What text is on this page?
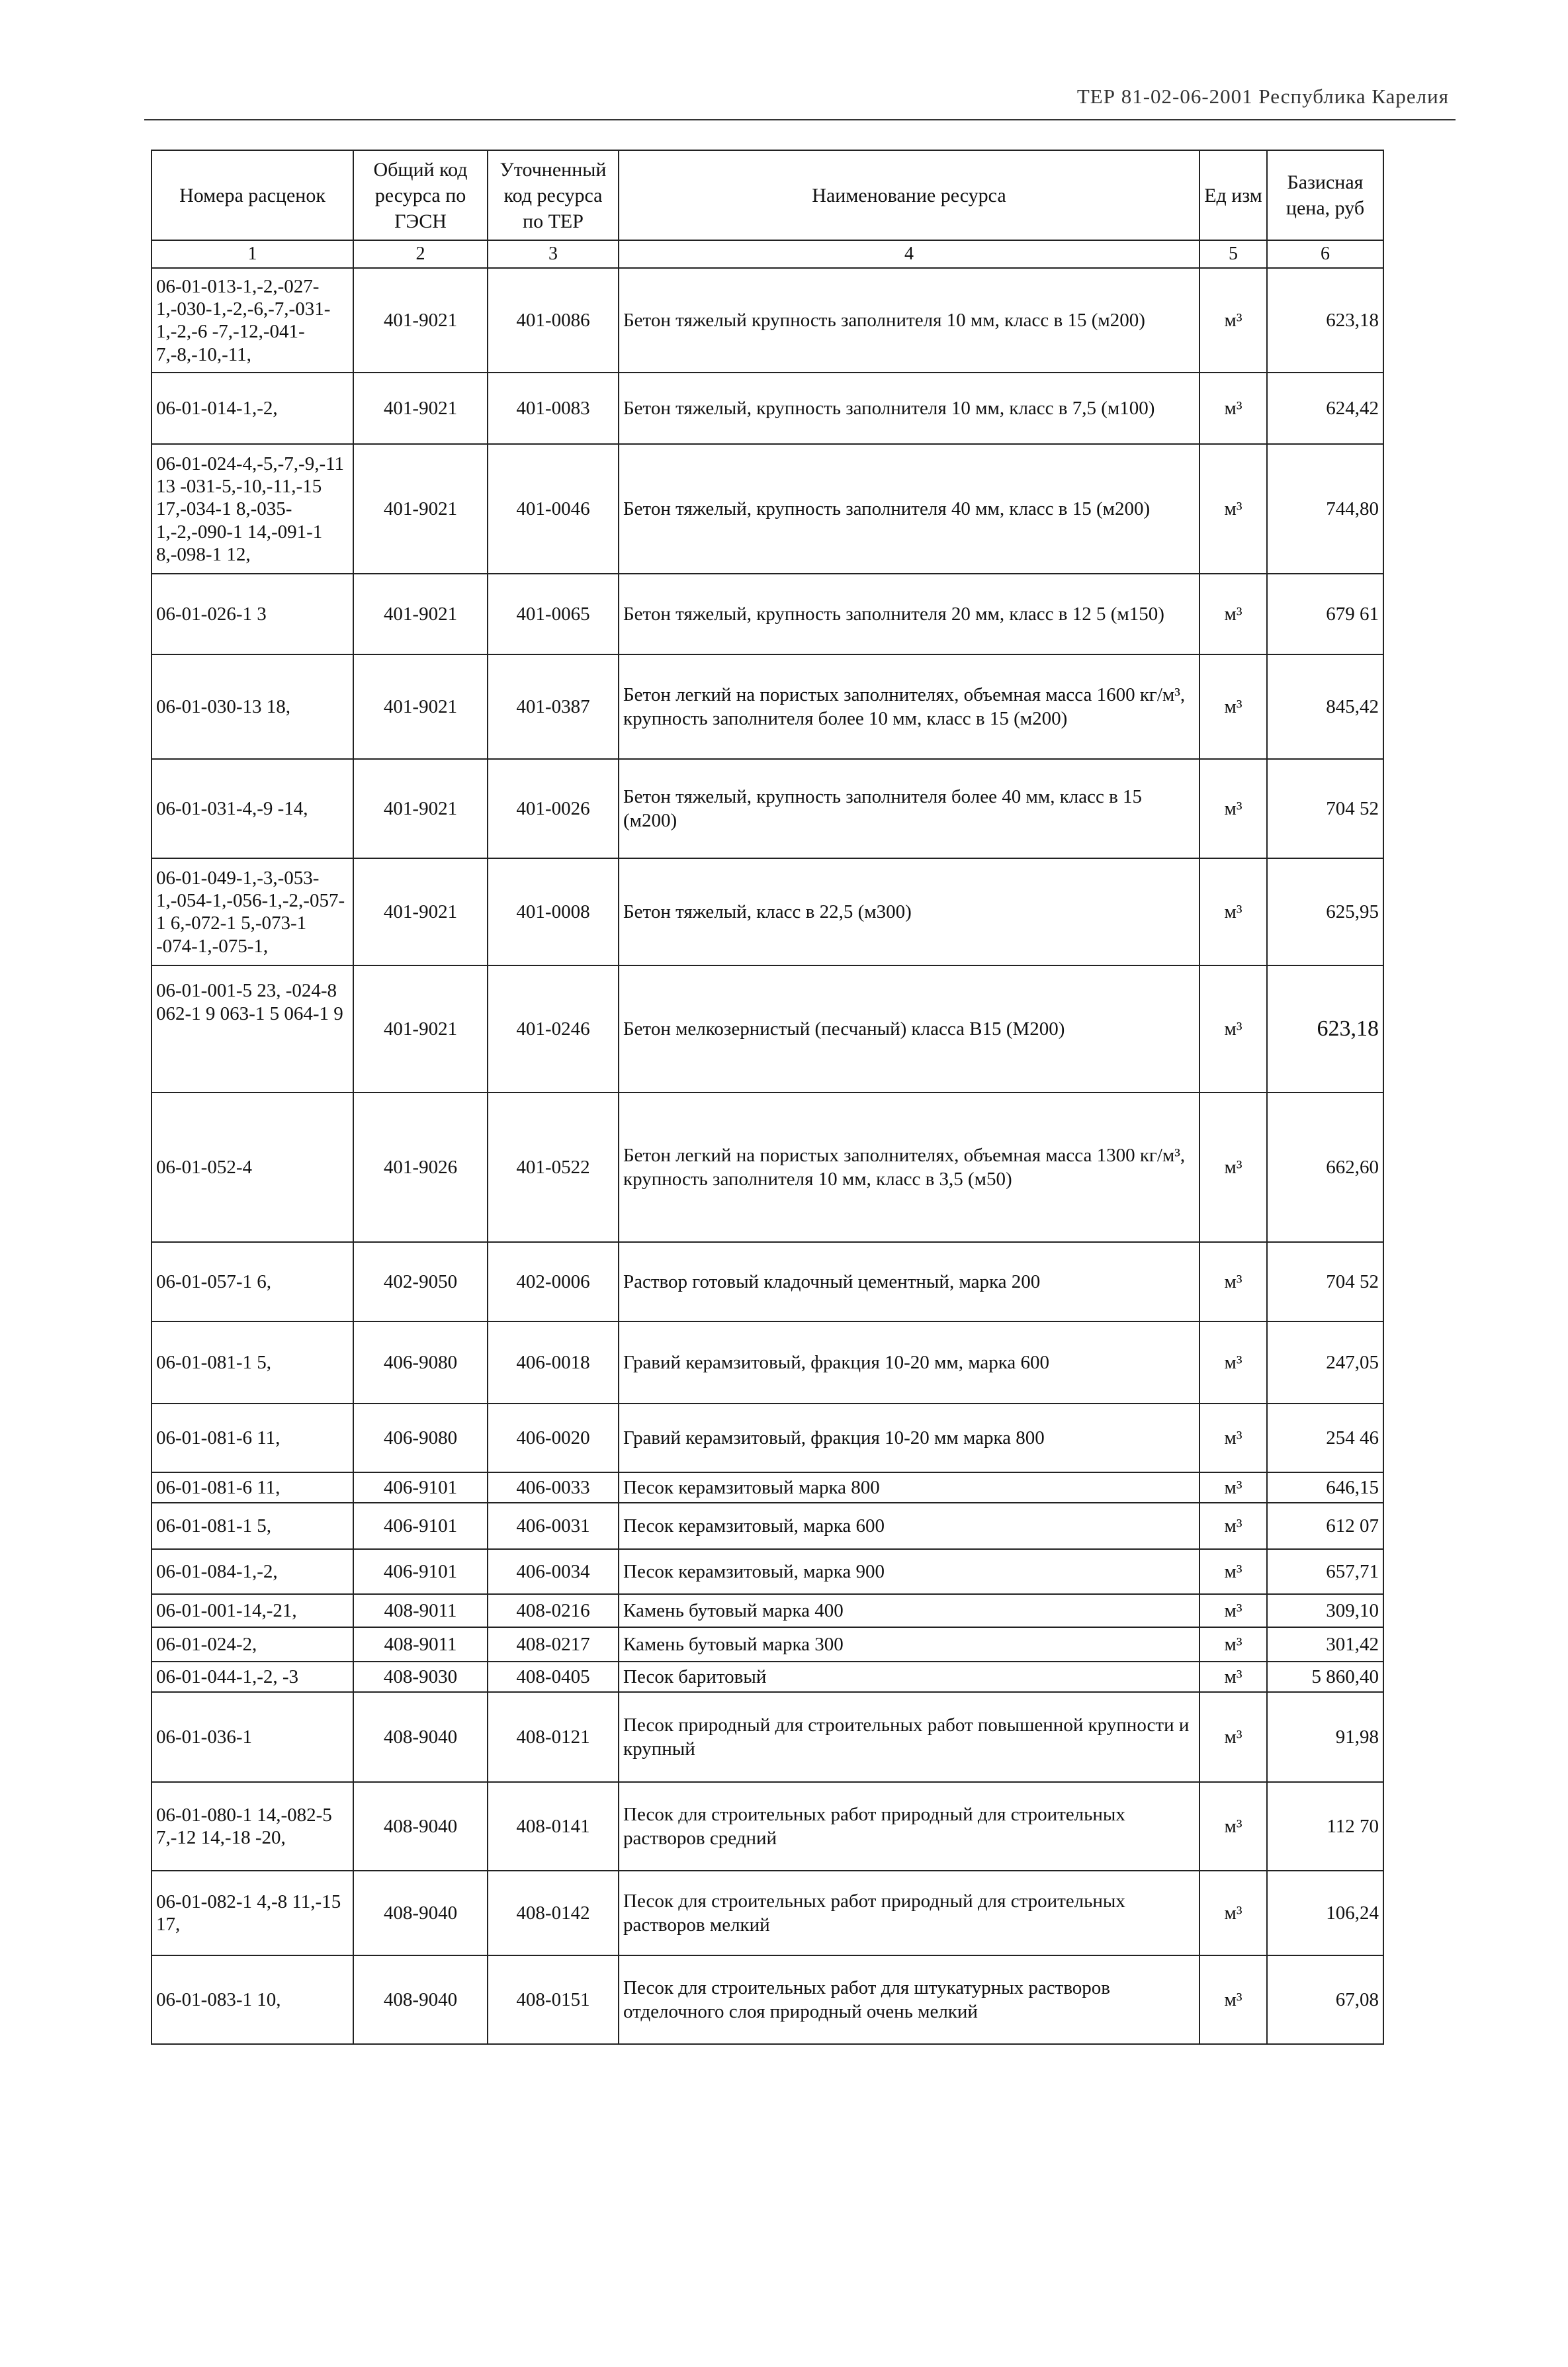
ТЕР 81-02-06-2001 Республика Карелия
Номера расценок	Общий код ресурса по ГЭСН	Уточненный код ресурса по ТЕР	Наименование ресурса	Ед изм	Базисная цена, руб
1	2	3	4	5	6
06-01-013-1,-2,-027-1,-030-1,-2,-6,-7,-031-1,-2,-6 -7,-12,-041-7,-8,-10,-11,	401-9021	401-0086	Бетон тяжелый крупность заполнителя 10 мм, класс в 15 (м200)	м³	623,18
06-01-014-1,-2,	401-9021	401-0083	Бетон тяжелый, крупность заполнителя 10 мм, класс в 7,5 (м100)	м³	624,42
06-01-024-4,-5,-7,-9,-11 13 -031-5,-10,-11,-15 17,-034-1 8,-035-1,-2,-090-1 14,-091-1 8,-098-1 12,	401-9021	401-0046	Бетон тяжелый, крупность заполнителя 40 мм, класс в 15 (м200)	м³	744,80
06-01-026-1 3	401-9021	401-0065	Бетон тяжелый, крупность заполнителя 20 мм, класс в 12 5 (м150)	м³	679 61
06-01-030-13 18,	401-9021	401-0387	Бетон легкий на пористых заполнителях, объемная масса 1600 кг/м³, крупность заполнителя более 10 мм, класс в 15 (м200)	м³	845,42
06-01-031-4,-9 -14,	401-9021	401-0026	Бетон тяжелый, крупность заполнителя более 40 мм, класс в 15 (м200)	м³	704 52
06-01-049-1,-3,-053-1,-054-1,-056-1,-2,-057-1 6,-072-1 5,-073-1 -074-1,-075-1,	401-9021	401-0008	Бетон тяжелый, класс в 22,5 (м300)	м³	625,95
06-01-001-5 23, -024-8 062-1 9 063-1 5 064-1 9	401-9021	401-0246	Бетон мелкозернистый (песчаный) класса В15 (М200)	м³	623,18
06-01-052-4	401-9026	401-0522	Бетон легкий на пористых заполнителях, объемная масса 1300 кг/м³, крупность заполнителя 10 мм, класс в 3,5 (м50)	м³	662,60
06-01-057-1 6,	402-9050	402-0006	Раствор готовый кладочный цементный, марка 200	м³	704 52
06-01-081-1 5,	406-9080	406-0018	Гравий керамзитовый, фракция 10-20 мм, марка 600	м³	247,05
06-01-081-6 11,	406-9080	406-0020	Гравий керамзитовый, фракция 10-20 мм марка 800	м³	254 46
06-01-081-6 11,	406-9101	406-0033	Песок керамзитовый марка 800	м³	646,15
06-01-081-1 5,	406-9101	406-0031	Песок керамзитовый, марка 600	м³	612 07
06-01-084-1,-2,	406-9101	406-0034	Песок керамзитовый, марка 900	м³	657,71
06-01-001-14,-21,	408-9011	408-0216	Камень бутовый марка 400	м³	309,10
06-01-024-2,	408-9011	408-0217	Камень бутовый марка 300	м³	301,42
06-01-044-1,-2, -3	408-9030	408-0405	Песок баритовый	м³	5 860,40
06-01-036-1	408-9040	408-0121	Песок природный для строительных работ повышенной крупности и крупный	м³	91,98
06-01-080-1 14,-082-5 7,-12 14,-18 -20,	408-9040	408-0141	Песок для строительных работ природный для строительных растворов средний	м³	112 70
06-01-082-1 4,-8 11,-15 17,	408-9040	408-0142	Песок для строительных работ природный для строительных растворов мелкий	м³	106,24
06-01-083-1 10,	408-9040	408-0151	Песок для строительных работ для штукатурных растворов отделочного слоя природный очень мелкий	м³	67,08
